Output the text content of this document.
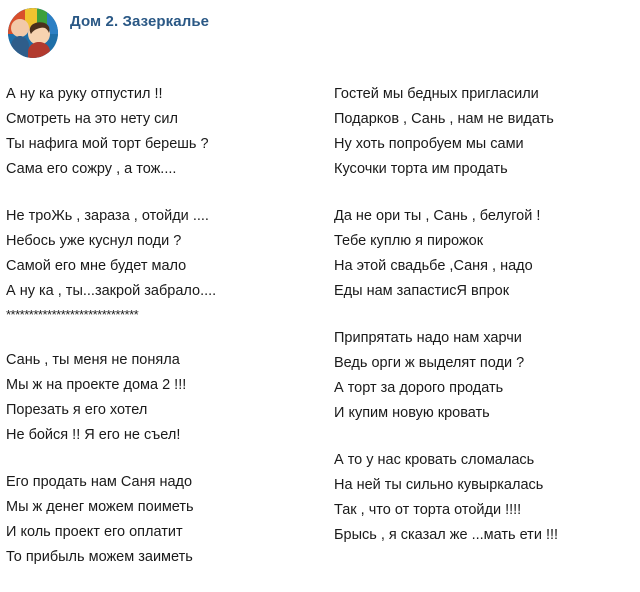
Дом 2. Зазеркалье
А ну ка руку отпустил !!
Смотреть на это нету сил
Ты нафига мой торт берешь ?
Сама его сожру , а тож....
Не троЖь , зараза , отойди ....
Небось уже куснул поди ?
Самой его мне будет мало
А ну ка , ты...закрой забрало....
*****************************
Сань , ты меня не поняла
Мы ж на проекте дома 2 !!!
Порезать я его хотел
Не бойся !! Я его не съел!
Его продать нам Саня надо
Мы ж денег можем поиметь
И коль проект его оплатит
То прибыль можем заиметь
Гостей мы бедных пригласили
Подарков , Сань , нам не видать
Ну хоть попробуем мы сами
Кусочки торта им продать
Да не ори ты , Сань , белугой !
Тебе куплю я пирожок
На этой свадьбе ,Саня , надо
Еды нам запастисЯ впрок
Припрятать надо нам харчи
Ведь орги ж выделят поди ?
А торт за дорого продать
И купим новую кровать
А то у нас кровать сломалась
На ней ты сильно кувыркалась
Так , что от торта отойди !!!!
Брысь , я сказал же ...мать ети !!!
